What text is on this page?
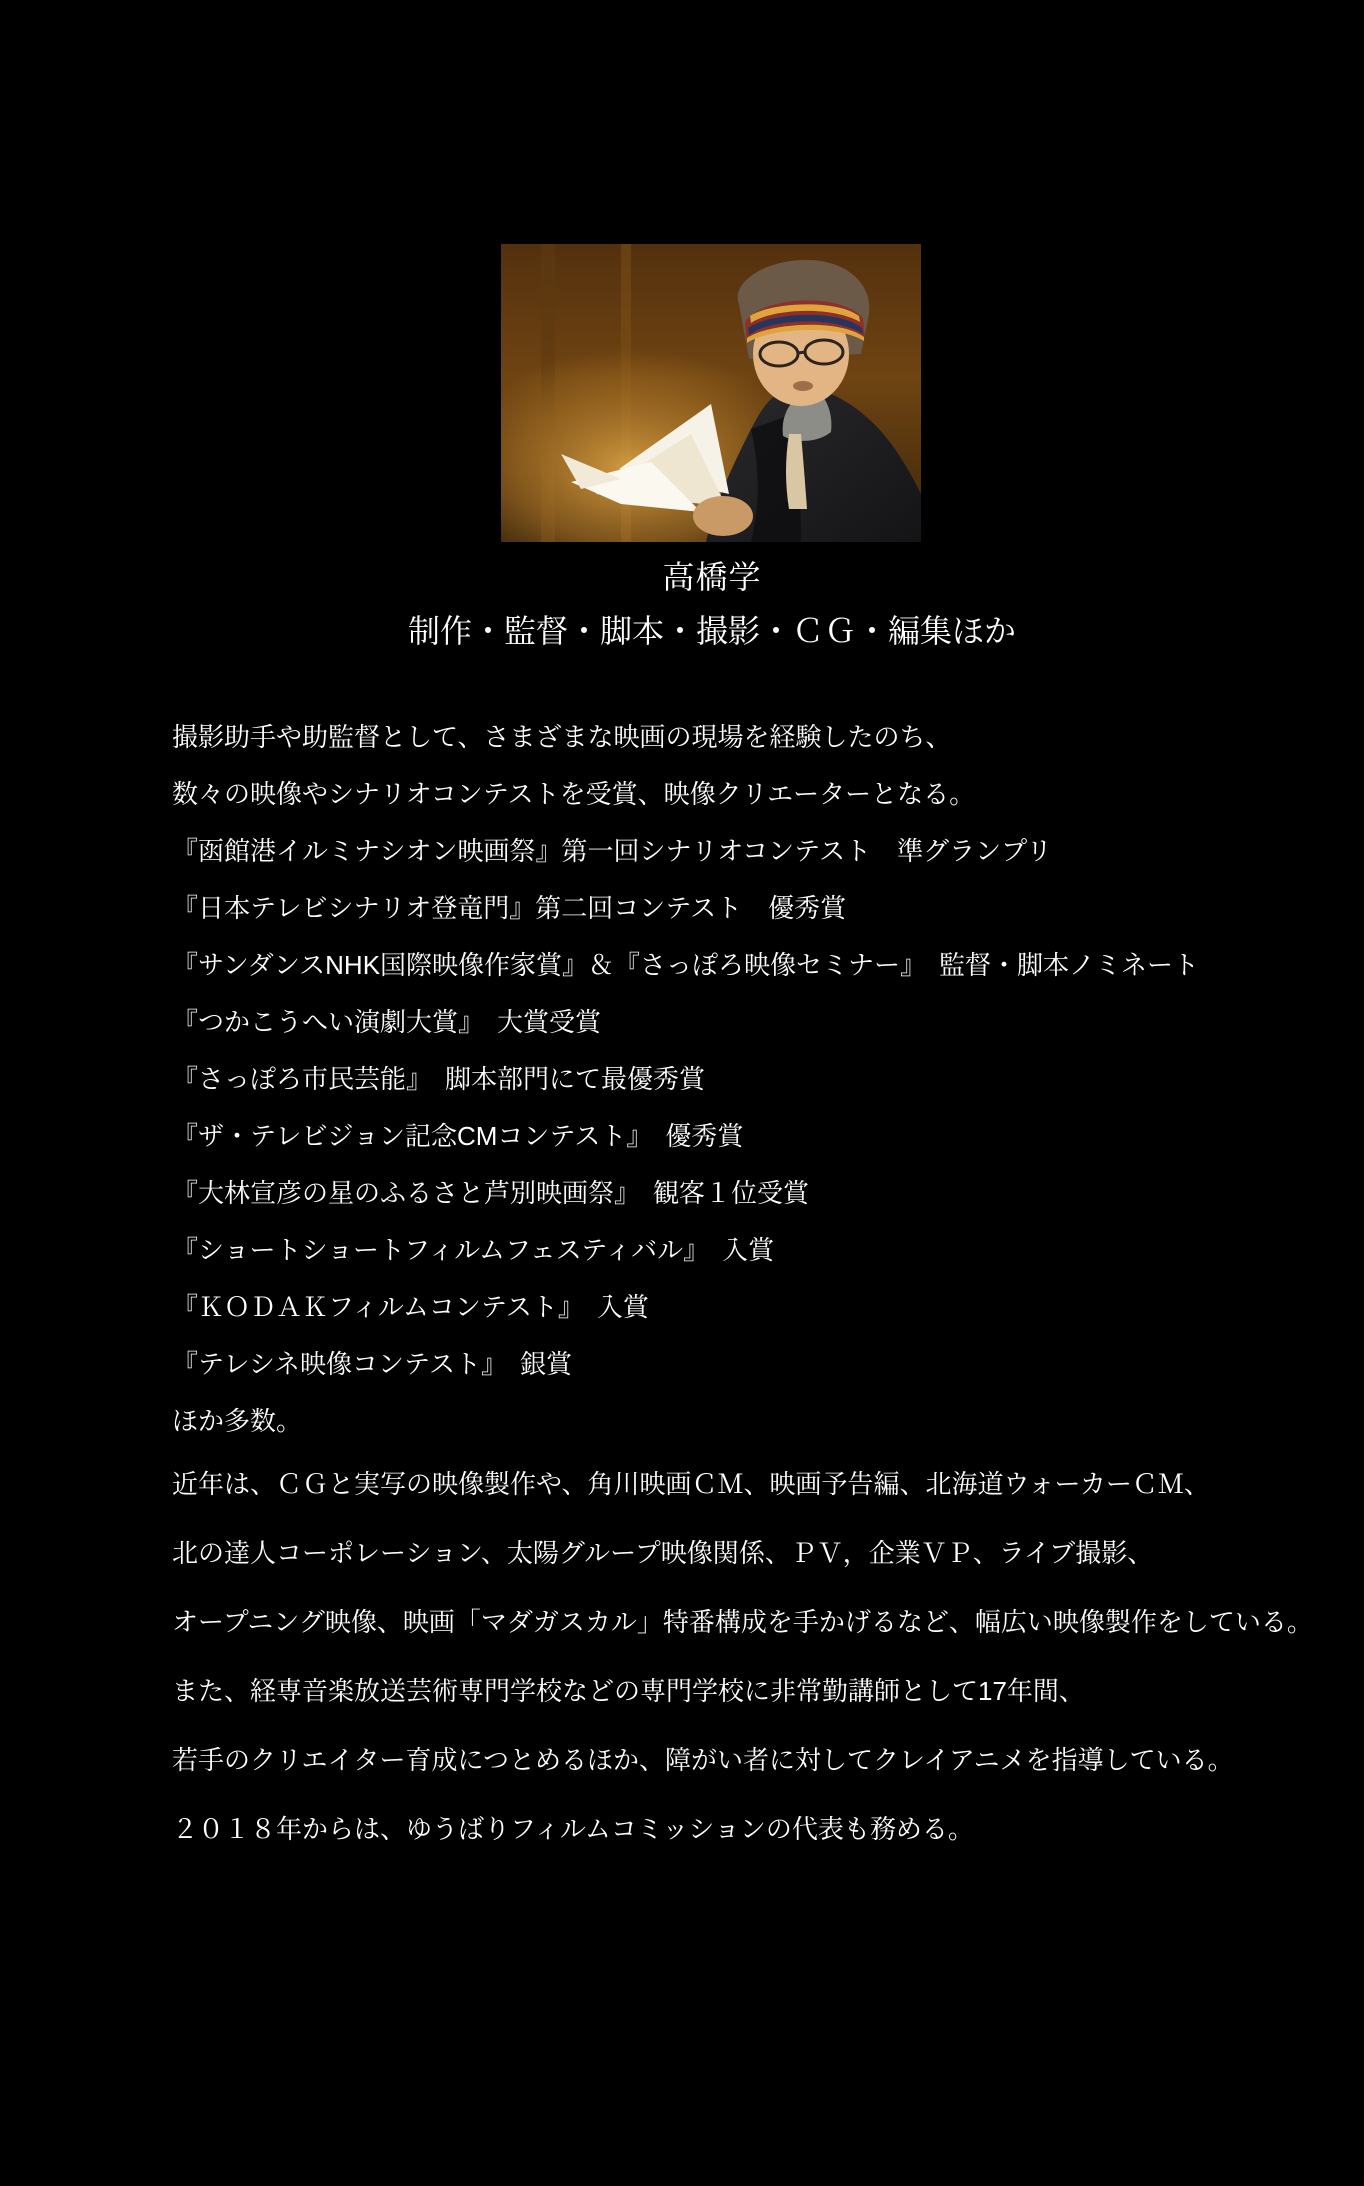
高橋学
制作・監督・脚本・撮影・ＣＧ・編集ほか

撮影助手や助監督として、さまざまな映画の現場を経験したのち、

数々の映像やシナリオコンテストを受賞、映像クリエーターとなる。

『函館港イルミナシオン映画祭』第一回シナリオコンテスト　準グランプリ

『日本テレビシナリオ登竜門』第二回コンテスト　優秀賞

『サンダンスNHK国際映像作家賞』＆『さっぽろ映像セミナー』　監督・脚本ノミネート

『つかこうへい演劇大賞』　大賞受賞

『さっぽろ市民芸能』　脚本部門にて最優秀賞

『ザ・テレビジョン記念CMコンテスト』　優秀賞

『大林宣彦の星のふるさと芦別映画祭』　観客１位受賞

『ショートショートフィルムフェスティバル』　入賞

『ＫＯＤＡＫフィルムコンテスト』　入賞

『テレシネ映像コンテスト』　銀賞

ほか多数。

近年は、ＣＧと実写の映像製作や、角川映画ＣＭ、映画予告編、北海道ウォーカーＣＭ、

北の達人コーポレーション、太陽グループ映像関係、ＰＶ，企業ＶＰ、ライブ撮影、

オープニング映像、映画「マダガスカル」特番構成を手かげるなど、幅広い映像製作をしている。

また、経専音楽放送芸術専門学校などの専門学校に非常勤講師として17年間、

若手のクリエイター育成につとめるほか、障がい者に対してクレイアニメを指導している。

２０１８年からは、ゆうばりフィルムコミッションの代表も務める。
